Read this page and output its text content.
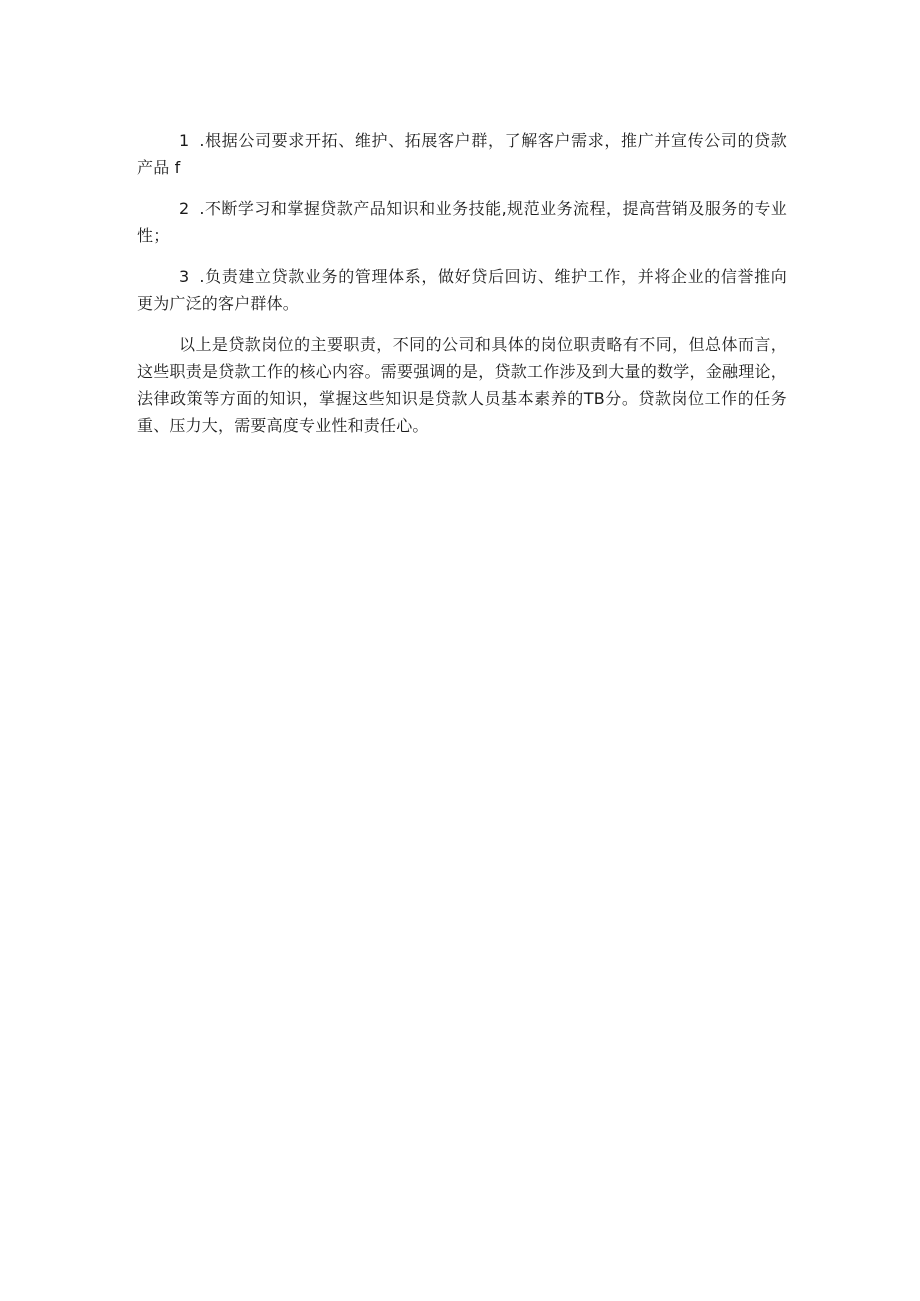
1 .根据公司要求开拓、维护、拓展客户群，了解客户需求，推广并宣传公司的贷款产品 f

2 .不断学习和掌握贷款产品知识和业务技能,规范业务流程，提高营销及服务的专业性；

3 .负责建立贷款业务的管理体系，做好贷后回访、维护工作，并将企业的信誉推向更为广泛的客户群体。

以上是贷款岗位的主要职责，不同的公司和具体的岗位职责略有不同，但总体而言，这些职责是贷款工作的核心内容。需要强调的是，贷款工作涉及到大量的数学，金融理论，法律政策等方面的知识，掌握这些知识是贷款人员基本素养的TB分。贷款岗位工作的任务重、压力大，需要高度专业性和责任心。
